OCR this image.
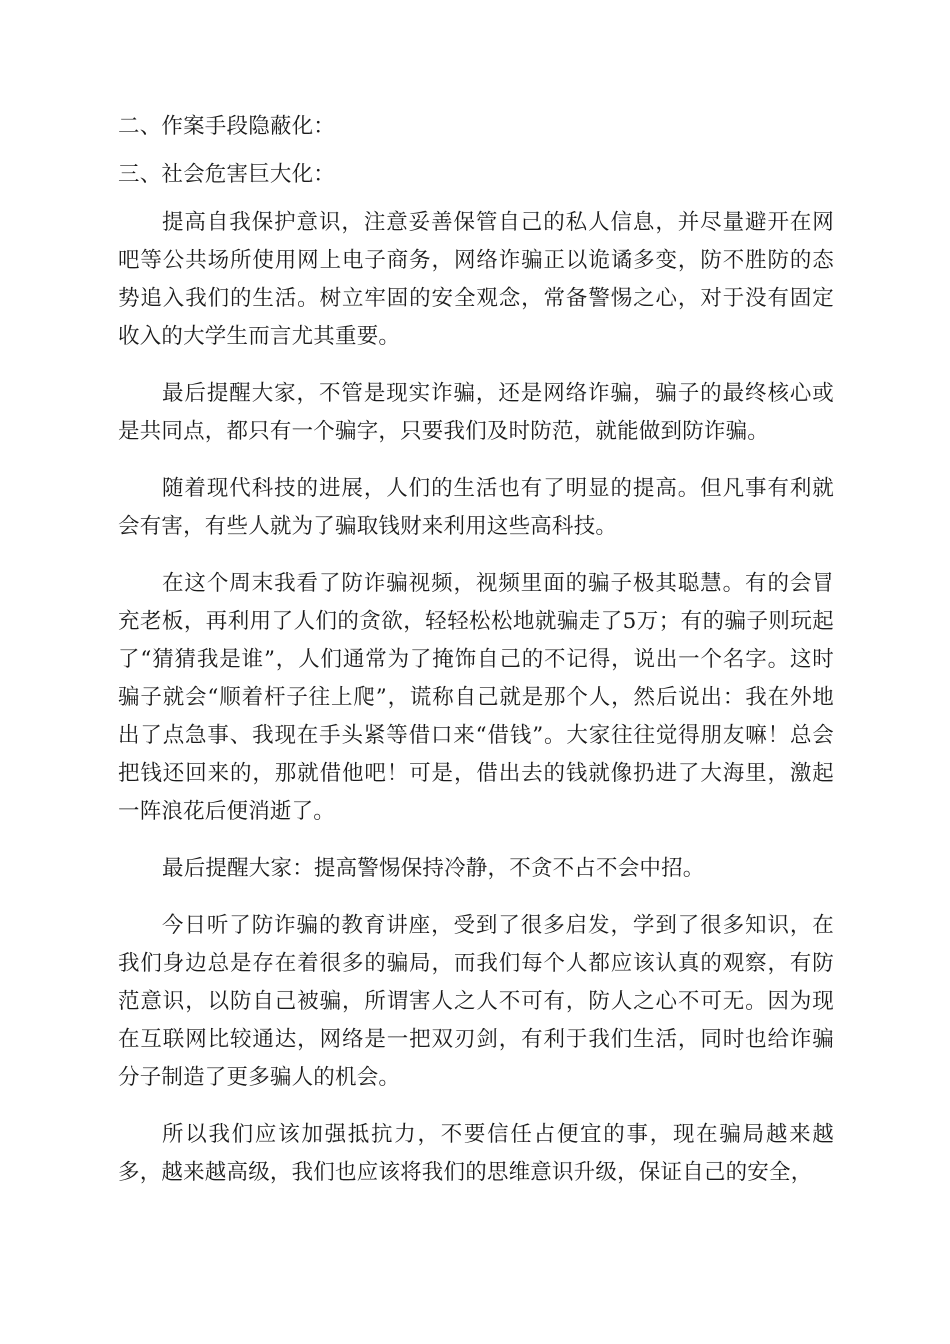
二、作案手段隐蔽化：

三、社会危害巨大化：

提高自我保护意识，注意妥善保管自己的私人信息，并尽量避开在网吧等公共场所使用网上电子商务，网络诈骗正以诡谲多变，防不胜防的态势追入我们的生活。树立牢固的安全观念，常备警惕之心，对于没有固定收入的大学生而言尤其重要。

最后提醒大家，不管是现实诈骗，还是网络诈骗，骗子的最终核心或是共同点，都只有一个骗字，只要我们及时防范，就能做到防诈骗。

随着现代科技的进展，人们的生活也有了明显的提高。但凡事有利就会有害，有些人就为了骗取钱财来利用这些高科技。

在这个周末我看了防诈骗视频，视频里面的骗子极其聪慧。有的会冒充老板，再利用了人们的贪欲，轻轻松松地就骗走了5万；有的骗子则玩起了“猜猜我是谁”，人们通常为了掩饰自己的不记得，说出一个名字。这时骗子就会“顺着杆子往上爬”，谎称自己就是那个人，然后说出：我在外地出了点急事、我现在手头紧等借口来“借钱”。大家往往觉得朋友嘛！总会把钱还回来的，那就借他吧！可是，借出去的钱就像扔进了大海里，激起一阵浪花后便消逝了。

最后提醒大家：提高警惕保持冷静，不贪不占不会中招。

今日听了防诈骗的教育讲座，受到了很多启发，学到了很多知识，在我们身边总是存在着很多的骗局，而我们每个人都应该认真的观察，有防范意识，以防自己被骗，所谓害人之人不可有，防人之心不可无。因为现在互联网比较通达，网络是一把双刃剑，有利于我们生活，同时也给诈骗分子制造了更多骗人的机会。

所以我们应该加强抵抗力，不要信任占便宜的事，现在骗局越来越多，越来越高级，我们也应该将我们的思维意识升级，保证自己的安全，
